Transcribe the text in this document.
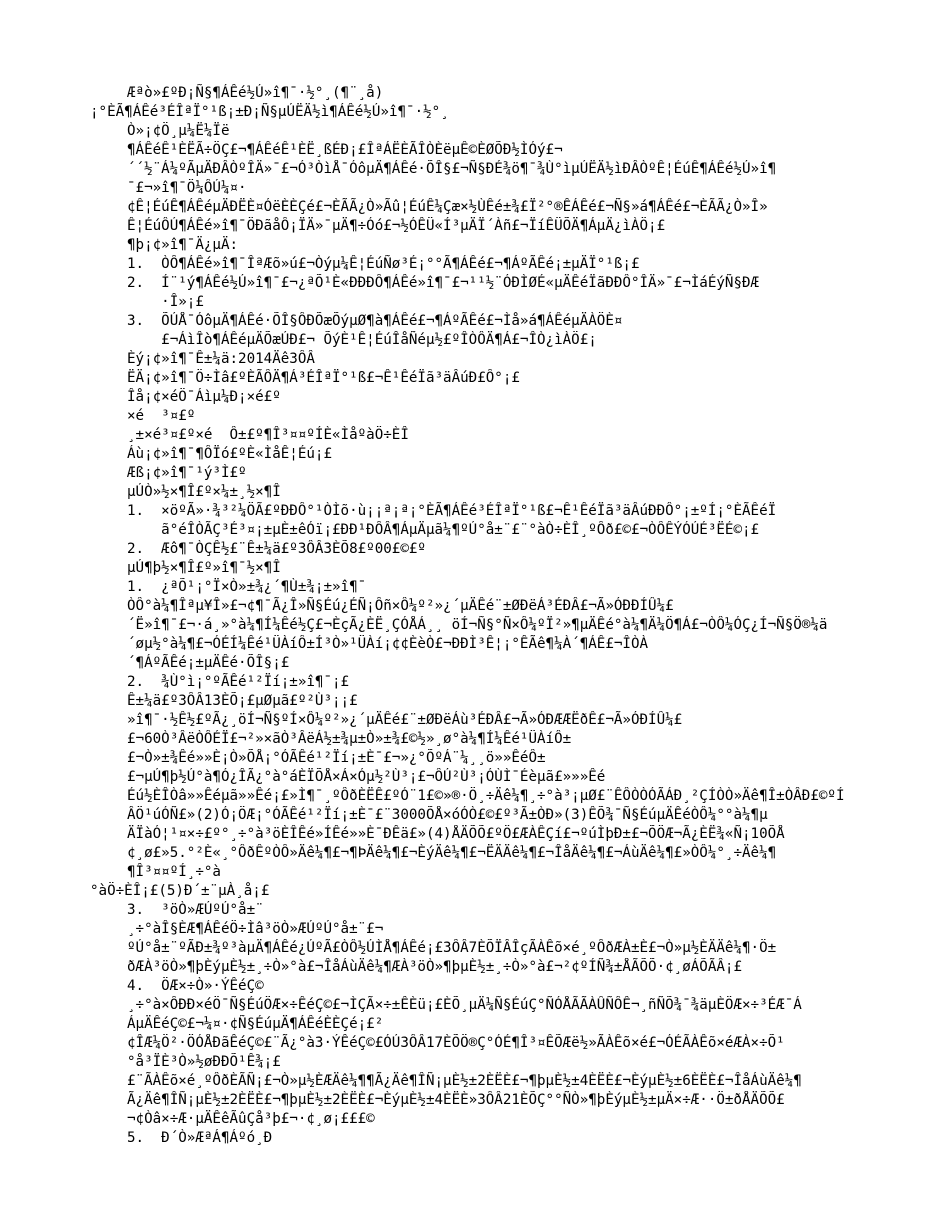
Æªò»£ºÐ¡Ñ§¶ÁÊé½Ú»î¶¯·½°¸(¶¨¸å)
¡°ÈÃ¶ÁÊé³ÉÎªÏ°¹ß¡±Ð¡Ñ§µÚËÄ½ì¶ÁÊé½Ú»î¶¯·½°¸
Ò»¡¢Ö¸µ¼Ë¼Ïë
¶ÁÊéÊ¹ÈËÃ÷ÖÇ£¬¶ÁÊéÊ¹ÈË¸ßÉÐ¡£ÎªÁËÈÃÎÒÈëµÊ©ÈØÕÐ½ÌÓý£¬
´´½¨Á¼ºÃµÄÐÂÒºÎÄ»¯£¬Ó³ÒìÅ¯ÓôµÄ¶ÁÊé·ÕÎ§£¬Ñ§ÐÉ¾ö¶¯¾Ù°ìµÚËÄ½ìÐÂÒºÊ¦ÉúÊ¶ÁÊé½Ú»î¶
¯£¬»î¶¯Ö¼ÔÚ¼¤·
¢Ê¦ÉúÊ¶ÁÊéµÄÐËÈ¤ÓëÈÈÇé£¬ÈÃÃ¿Ò»Ãû¦ÉúÊ¼Çæ×½ÙÊé±¾£Ï²°®ÊÁÊé£¬Ñ§»á¶ÁÊé£¬ÈÃÃ¿Ò»Î»
Ê¦ÉúÔÚ¶ÁÊé»î¶¯ÖÐãåÔ¡ÏÄ»¯µÄ¶÷Óó£¬½ÓÊÜ«Í³µÄÏ´Àñ£¬ÏíÊÜÕÄ¶ÁµÄ¿ìÀÖ¡£
¶þ¡¢»î¶¯Ä¿µÄ:
1.  ÒÔ¶ÁÊé»î¶¯ÎªÆõ»ú£¬Òýµ¼Ê¦ÉúÑø³É¡°°Ã¶ÁÊé£¬¶ÁºÃÊé¡±µÄÏ°¹ß¡£
2.  Í¨¹ý¶ÁÊé½Ú»î¶¯£¬¿ªÕ¹È«ÐÐÐÔ¶ÁÊé»î¶¯£¬¹¹½¨ÓÐÌØÉ«µÄÊéÏãÐÐÔ°ÎÄ»¯£¬ÌáÉýÑ§ÐÆ
·Î»¡£
3.  ÕÚÅ¯ÓôµÄ¶ÁÊé·ÕÎ§ÔÐÕæÕýµØ¶à¶ÁÊé£¬¶ÁºÃÊé£¬Ìå»á¶ÁÊéµÄÀÖÈ¤
£¬ÁìÎò¶ÁÊéµÄÕæÚÐ£¬ ÕýÈ¹Ê¦ÉúÎåÑéµ½£ºÎÒÔÄ¶Á£¬ÎÒ¿ìÀÖ£¡
Èý¡¢»î¶¯Ê±¼ä:2014Äê3ÔÂ
ËÄ¡¢»î¶¯Ö÷Ìâ£ºÈÃÔÄ¶Á³ÉÎªÏ°¹ß£¬Ê¹ÊéÏã³äÂúÐ£Ô°¡£
Îå¡¢×éÖ¯Áìµ¼Ð¡×é£º
×é  ³¤£º
¸±×é³¤£º×é  Ô±£º¶Î³¤¤ºÍÈ«ÌåºàÖ÷ÈÎ
Áù¡¢»î¶¯¶ÔÏó£ºÈ«ÌåÊ¦Éú¡£
Æß¡¢»î¶¯¹ý³Ì£º
µÚÒ»½×¶Î£º×¼±¸½×¶Î
1.  ×öºÃ»·¾³²¼ÖÃ£ºÐÐÔ°¹ÒÌõ·ù¡¡ª¡ª¡°ÈÃ¶ÁÊé³ÉÎªÏ°¹ß£¬Ê¹ÊéÏã³äÂúÐÐÔ°¡±ºÍ¡°ÈÃÊéÏ
ã°éÎÒÃÇ³É³¤¡±µÈ±êÓï¡£ÐÐ¹ÐÔÂ¶ÁµÄµã¼¶ºÚ°å±¨£¨°àÒ÷ÈÎ¸ºÔð£©£¬ÒÔÊÝÓÚÉ³ËÉ©¡£
2.  Æô¶¯ÒÇÊ½£¨Ê±¼ä£º3ÔÂ3ÈÕ8£º00£©£º
µÚ¶þ½×¶Î£º»î¶¯½×¶Î
1.  ¿ªÕ¹¡°Ï×Ò»±¾¿´¶Ù±¾¡±»î¶¯
ÒÔ°à¼¶Îªµ¥Î»£¬¢¶¯Ã¿Î»Ñ§Éú¿ÉÑ¡Ôñ×Ô¼º²»¿´µÄÊé¨±ØÐëÁ³ÉÐÂ£¬Ã»ÓÐÐÍÛ¼£
´Ë»î¶¯£¬·á¸»°à¼¶Í¼Êé½Ç£¬ÈçÃ¿ÈË¸ÇÓÅÁ¸¸ öÍ¬Ñ§°Ñ×Ô¼ºÏ²»¶µÄÊé°à¼¶Ä¼Ö¶Á£¬ÒÔ¼ÓÇ¿Í¬Ñ§Ö®¼ä
´øµ½°à¼¶£¬ÓÉÍ¼Êé¹ÜÀíÔ±Í³Ò»¹ÜÀí¡¢¢ÈèÒ£¬ÐÐÌ³Ê¦¡°ÊÃê¶¼À´¶ÁÊ£¬ÎÒÀ
´¶ÁºÃÊé¡±µÄÊé·ÕÎ§¡£
2.  ¾Ù°ì¡°ºÃÊé¹²Ïí¡±»î¶¯¡£
Ê±¼ä£º3ÔÂ13ÈÕ¡£µØµã£º²Ù³¡¡£
»î¶¯·½Ê½£ºÃ¿¸öÍ¬Ñ§ºÍ×Ô¼º²»¿´µÄÊé£¨±ØÐëÁù³ÉÐÂ£¬Ã»ÓÐÆÆËðÊ£¬Ã»ÓÐÍÛ¼£
£¬60Ò³ÂëÒÔÉÏ£¬²»×ãÒ³ÂëÁ½±¾µ±Ò»±¾£©½»¸ø°à¼¶Í¼Êé¹ÜÀíÔ±
£¬Ò»±¾Êé»»È¡Ò»ÕÅ¡°ÓÃÊé¹²Ïí¡±È¯£¬»¿°ÕºÁ¨¼¸¸ö»»ÊéÔ±
£¬µÚ¶þ½Ú°à¶Ó¿ÎÃ¿°à°áÈÏÕÅ×Á×Óµ½²Ù³¡£¬ÔÚ²Ù³¡ÓÙÌ¯Éèµã£»»»Êé
Éú½ÈÎÒâ»»Êéµã»»Êé¡£»Ì¶¯¸ºÔðÈËÊ£ºÓ¨1£©»®·Ö¸÷Äê¼¶¸÷°à³¡µØ£¨ÊÔÒÒÓÃÁÐ¸²ÇÍÒÒ»Äê¶Î±ÒÂÐ£©ºÍ
ÂÖ¹úÓÑ£»(2)Ó¡ÖÆ¡°ÓÃÊé¹²Ïí¡±È¯£¨3000ÕÅ×óÓÒ£©£º³Ã±ÒÐ»(3)ÊÕ¾¯Ñ§ÉúµÄÊéÒÔ¼°°à¼¶µ
ÄÏàÓ¦¹¤×÷£º°¸÷°à³öÈÎÊé»ÍÊé»»È¯ÐÊä£»(4)ÅÄÕÕ£ºÖ£ÆÀÊÇí£¬ºúÌþÐ±£¬ÕÖÆ¬Ã¿ÈË¾«Ñ¡10ÕÅ
¢¸ø£»5.°²È«¸°ÔðÊºÒÔ»Äê¼¶£¬¶ÞÄê¼¶£¬ÈýÄê¼¶£¬ËÄÄê¼¶£¬ÎåÄê¼¶£¬ÁùÄê¼¶£»ÒÔ¼°¸÷Äê¼¶
¶Î³¤¤ºÍ¸÷°à
°àÖ÷ÈÎ¡£(5)Ð´±¨µÀ¸å¡£
3.  ³öÒ»ÆÚºÚ°å±¨
¸÷°àÎ§ÈÆ¶ÁÊéÖ÷Ìâ³öÒ»ÆÚºÚ°å±¨£¬
ºÚ°å±¨ºÃÐ±¾º³àµÄ¶ÁÊé¿ÚºÃ£ÒÔ½ÚÌÅ¶ÁÊé¡£3ÔÂ7ÈÕÏÂÎçÃÀÊõ×é¸ºÔðÆÀ±È£¬Ò»µ½ÈÄÄê¼¶·Ö±
ðÆÀ³öÒ»¶þÈýµÈ½±¸÷Ò»°à£¬ÎåÁùÄê¼¶ÆÀ³öÒ»¶þµÈ½±¸÷Ò»°à£¬²¢ºÍÑ¾±ÅÃÕÕ·¢¸øÁÕÃÂ¡£
4.  ÖÆ×÷Ò»·ÝÊéÇ©
¸÷°à×ÔÐÐ×éÖ¯Ñ§ÉúÖÆ×÷ÊéÇ©£¬ÌÇÃ×÷±ÊÈü¡£ÈÕ¸µÄ¼Ñ§ÉúÇ°ÑÓÅÃÃÀÛÑÔÊ¬¸ñÑÕ¾¯¾äµÈÖÆ×÷³ÉÆ¯Á
ÁµÄÊéÇ©£¬¼¤·¢Ñ§ÉúµÄ¶ÁÊéÈÈÇé¡£²
¢ÎÆ¼Ö²·ÖÓÅÐãÊéÇ©£¨Ã¿°à3·ÝÊéÇ©£ÓÚ3ÔÂ17ÈÕÖ®Ç°ÓÉ¶Î³¤ÊÕÆë½»ÃÀÊõ×é£¬ÓÉÃÀÊõ×éÆÀ×÷Õ¹
°å³ÏÈ³Ò»½øÐÐÕ¹Ê¾¡£
£¨ÃÀÊõ×é¸ºÔðÈÃÑ¡£¬Ò»µ½ÈÆÄê¼¶¶Ã¿Äê¶ÎÑ¡µÈ½±2ÈËÈ£¬¶þµÈ½±4ÈËÈ£¬ÈýµÈ½±6ÈËÈ£¬ÎåÁùÄê¼¶
Ã¿Äê¶ÎÑ¡µÈ½±2ÈËÈ£¬¶þµÈ½±2ÈËÈ£¬ÈýµÈ½±4ÈËÈ»3ÔÂ21ÈÕÇ°°ÑÒ»¶þÈýµÈ½±µÄ×÷Æ··Ö±ðÅÄÕÕ£
¬¢Òâ×÷Æ·µÄÊêÃûÇå³þ£¬·¢¸ø¡£££©
5.  Ð´Ò»ÆªÁ¶Áºó¸Ð
